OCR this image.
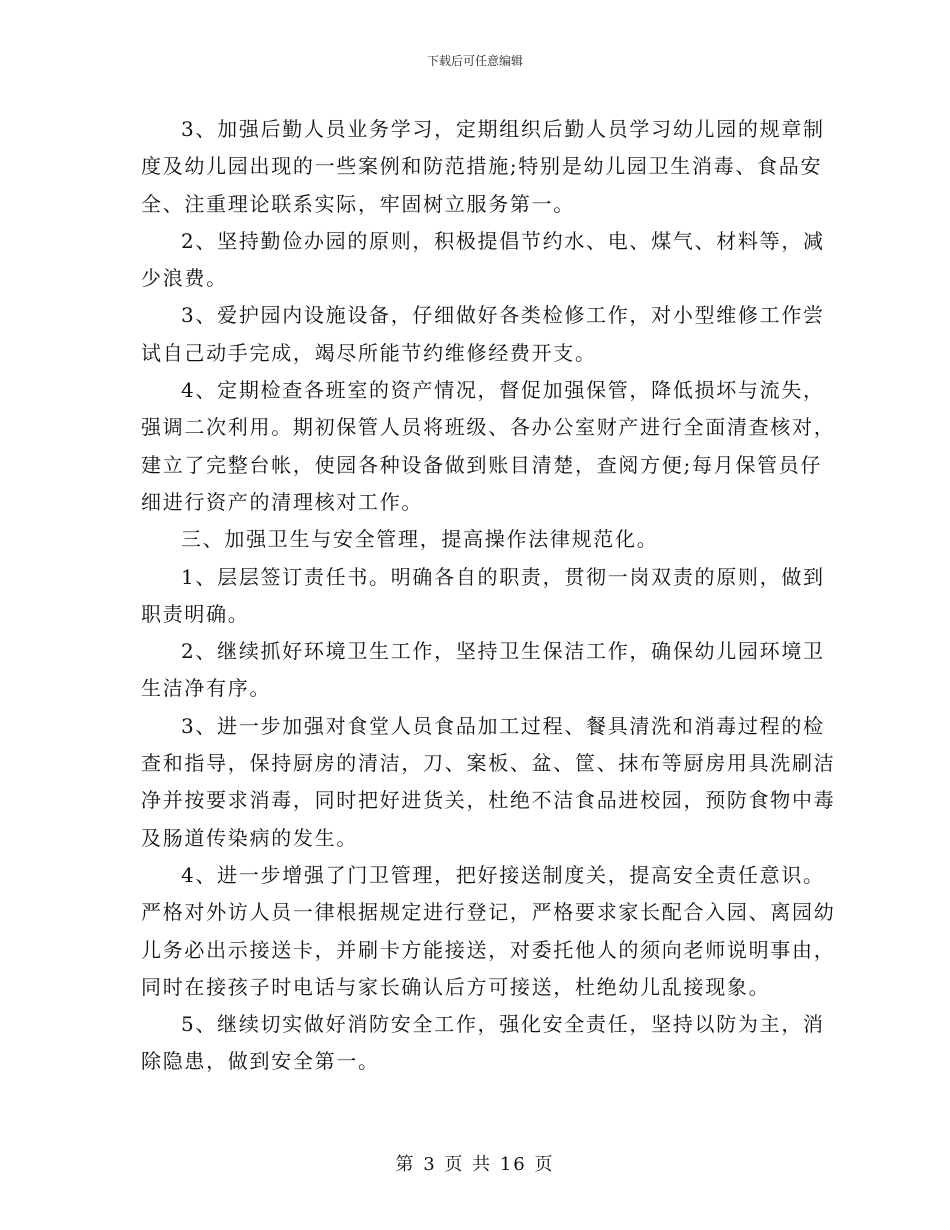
下载后可任意编辑

3、加强后勤人员业务学习，定期组织后勤人员学习幼儿园的规章制度及幼儿园出现的一些案例和防范措施;特别是幼儿园卫生消毒、食品安全、注重理论联系实际，牢固树立服务第一。

2、坚持勤俭办园的原则，积极提倡节约水、电、煤气、材料等，减少浪费。

3、爱护园内设施设备，仔细做好各类检修工作，对小型维修工作尝试自己动手完成，竭尽所能节约维修经费开支。

4、定期检查各班室的资产情况，督促加强保管，降低损坏与流失，强调二次利用。期初保管人员将班级、各办公室财产进行全面清查核对，建立了完整台帐，使园各种设备做到账目清楚，查阅方便;每月保管员仔细进行资产的清理核对工作。

三、加强卫生与安全管理，提高操作法律规范化。

1、层层签订责任书。明确各自的职责，贯彻一岗双责的原则，做到职责明确。

2、继续抓好环境卫生工作，坚持卫生保洁工作，确保幼儿园环境卫生洁净有序。

3、进一步加强对食堂人员食品加工过程、餐具清洗和消毒过程的检查和指导，保持厨房的清洁，刀、案板、盆、筐、抹布等厨房用具洗刷洁净并按要求消毒，同时把好进货关，杜绝不洁食品进校园，预防食物中毒及肠道传染病的发生。

4、进一步增强了门卫管理，把好接送制度关，提高安全责任意识。严格对外访人员一律根据规定进行登记，严格要求家长配合入园、离园幼儿务必出示接送卡，并刷卡方能接送，对委托他人的须向老师说明事由，同时在接孩子时电话与家长确认后方可接送，杜绝幼儿乱接现象。

5、继续切实做好消防安全工作，强化安全责任，坚持以防为主，消除隐患，做到安全第一。

第 3 页 共 16 页
